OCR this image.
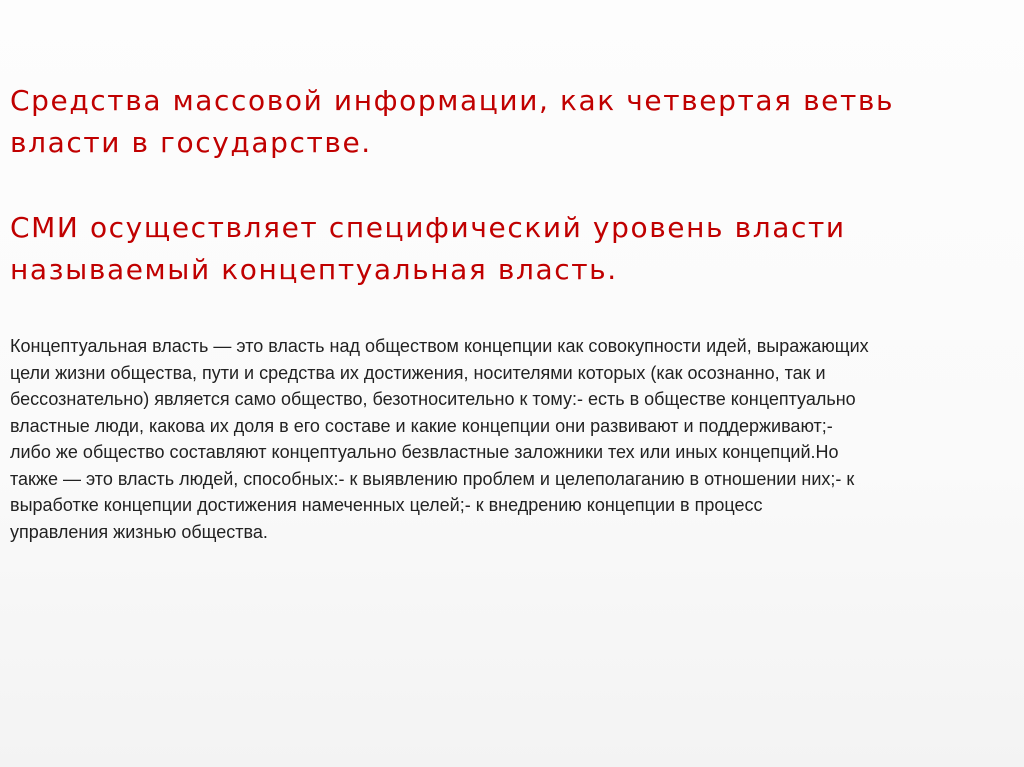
Средства массовой информации, как четвертая ветвь власти в государстве.
СМИ осуществляет специфический уровень власти называемый концептуальная власть.
Концептуальная власть — это власть над обществом концепции как совокупности идей, выражающих
цели жизни общества, пути и средства их достижения, носителями которых (как осознанно, так и
бессознательно) является само общество, безотносительно к тому:- есть в обществе концептуально
властные люди, какова их доля в его составе и какие концепции они развивают и поддерживают;-
либо же общество составляют концептуально безвластные заложники тех или иных концепций.Но
также — это власть людей, способных:- к выявлению проблем и целеполаганию в отношении них;- к
выработке концепции достижения намеченных целей;- к внедрению концепции в процесс
управления жизнью общества.
